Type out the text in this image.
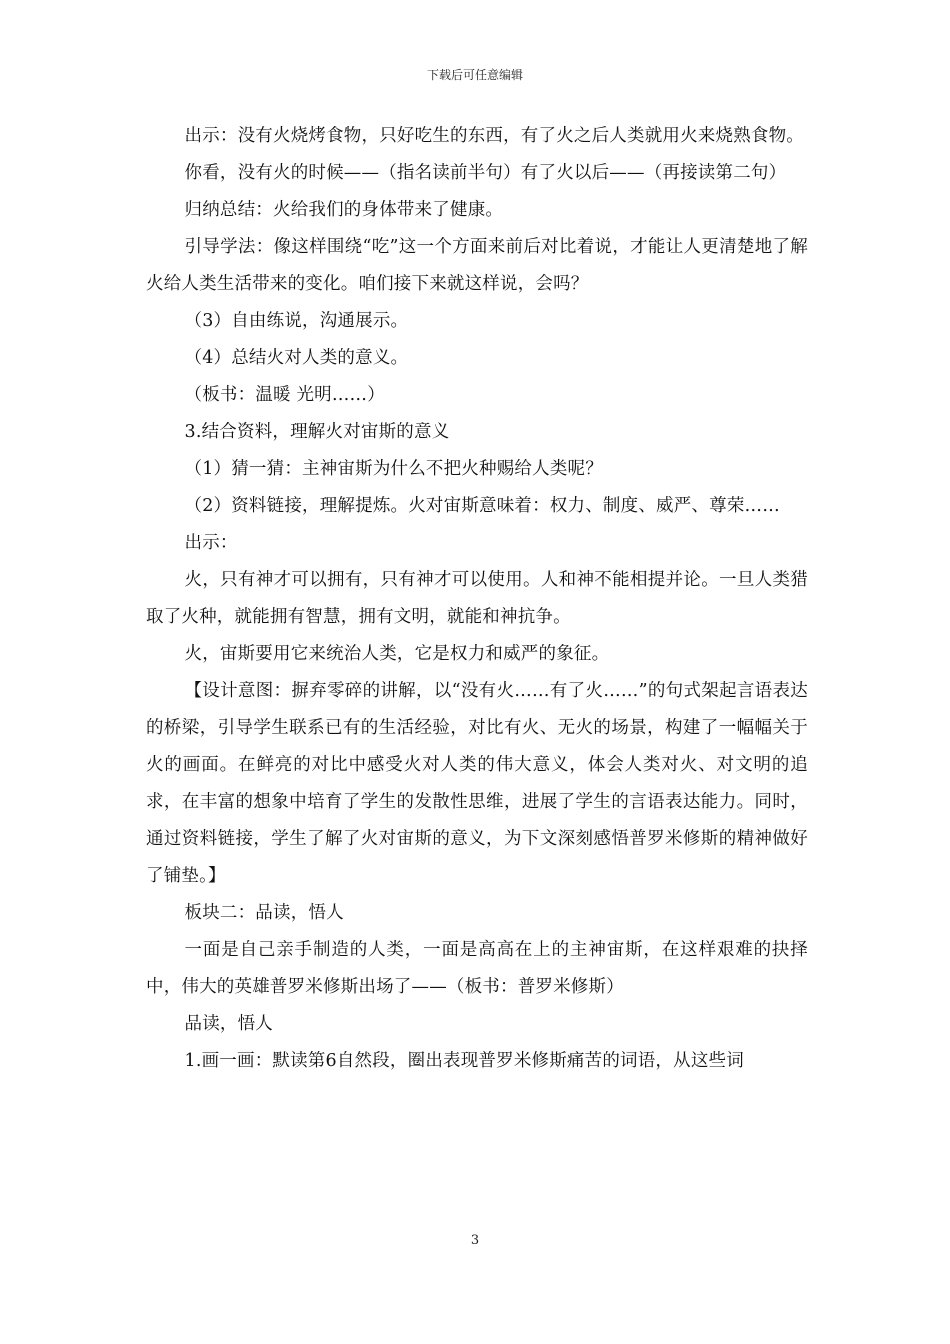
下载后可任意编辑

出示：没有火烧烤食物，只好吃生的东西，有了火之后人类就用火来烧熟食物。

你看，没有火的时候——（指名读前半句）有了火以后——（再接读第二句）

归纳总结：火给我们的身体带来了健康。

引导学法：像这样围绕“吃”这一个方面来前后对比着说，才能让人更清楚地了解火给人类生活带来的变化。咱们接下来就这样说，会吗？

（3）自由练说，沟通展示。

（4）总结火对人类的意义。

（板书：温暖 光明……）

3.结合资料，理解火对宙斯的意义

（1）猜一猜：主神宙斯为什么不把火种赐给人类呢？

（2）资料链接，理解提炼。火对宙斯意味着：权力、制度、威严、尊荣……

出示：

火，只有神才可以拥有，只有神才可以使用。人和神不能相提并论。一旦人类猎取了火种，就能拥有智慧，拥有文明，就能和神抗争。

火，宙斯要用它来统治人类，它是权力和威严的象征。

【设计意图：摒弃零碎的讲解，以“没有火……有了火……”的句式架起言语表达的桥梁，引导学生联系已有的生活经验，对比有火、无火的场景，构建了一幅幅关于火的画面。在鲜亮的对比中感受火对人类的伟大意义，体会人类对火、对文明的追求，在丰富的想象中培育了学生的发散性思维，进展了学生的言语表达能力。同时，通过资料链接，学生了解了火对宙斯的意义，为下文深刻感悟普罗米修斯的精神做好了铺垫。】

板块二：品读，悟人

一面是自己亲手制造的人类，一面是高高在上的主神宙斯，在这样艰难的抉择中，伟大的英雄普罗米修斯出场了——（板书：普罗米修斯）

品读，悟人

1.画一画：默读第6自然段，圈出表现普罗米修斯痛苦的词语，从这些词

3
